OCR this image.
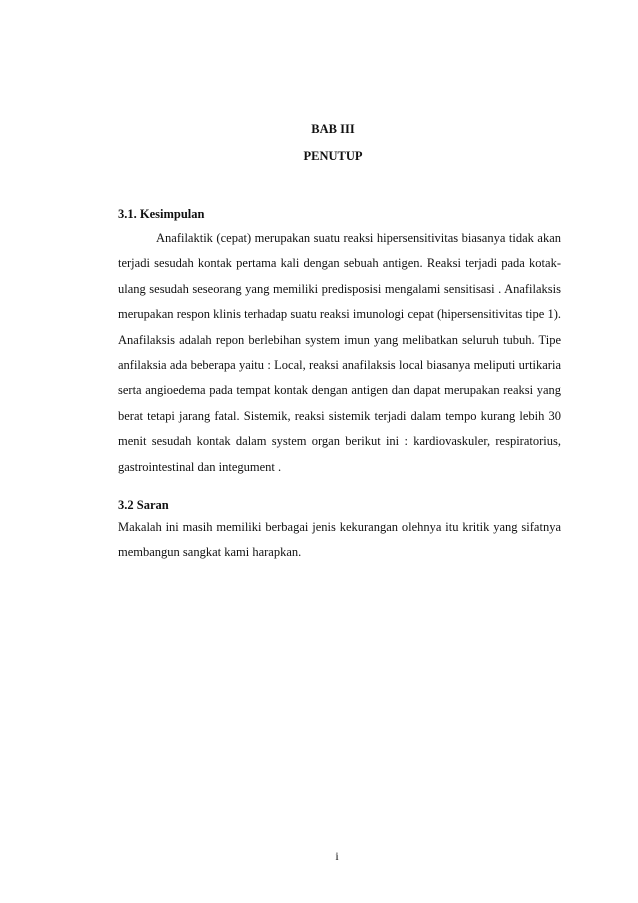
BAB III
PENUTUP
3.1. Kesimpulan
Anafilaktik (cepat) merupakan suatu reaksi hipersensitivitas biasanya tidak akan terjadi sesudah kontak pertama kali dengan sebuah antigen. Reaksi terjadi pada kotak-ulang sesudah seseorang yang memiliki predisposisi mengalami sensitisasi . Anafilaksis merupakan respon klinis terhadap suatu reaksi imunologi cepat (hipersensitivitas tipe 1). Anafilaksis adalah repon berlebihan system imun yang melibatkan seluruh tubuh. Tipe anfilaksia ada beberapa yaitu : Local, reaksi anafilaksis local biasanya meliputi urtikaria serta angioedema pada tempat kontak dengan antigen dan dapat merupakan reaksi yang berat tetapi jarang fatal. Sistemik, reaksi sistemik terjadi dalam tempo kurang lebih 30 menit sesudah kontak dalam system organ berikut ini : kardiovaskuler, respiratorius, gastrointestinal dan integument .
3.2 Saran
Makalah ini masih memiliki berbagai jenis kekurangan olehnya itu kritik yang sifatnya membangun sangkat kami harapkan.
i
